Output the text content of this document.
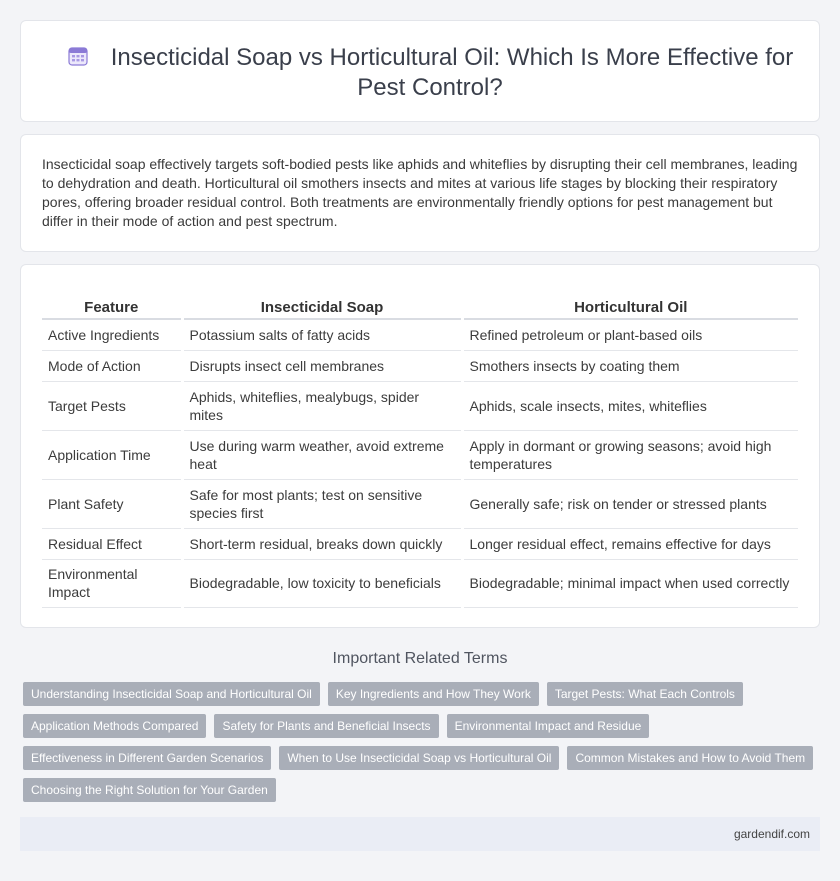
Insecticidal Soap vs Horticultural Oil: Which Is More Effective for Pest Control?

Insecticidal soap effectively targets soft-bodied pests like aphids and whiteflies by disrupting their cell membranes, leading to dehydration and death. Horticultural oil smothers insects and mites at various life stages by blocking their respiratory pores, offering broader residual control. Both treatments are environmentally friendly options for pest management but differ in their mode of action and pest spectrum.

Feature	Insecticidal Soap	Horticultural Oil
Active Ingredients	Potassium salts of fatty acids	Refined petroleum or plant-based oils
Mode of Action	Disrupts insect cell membranes	Smothers insects by coating them
Target Pests	Aphids, whiteflies, mealybugs, spider mites	Aphids, scale insects, mites, whiteflies
Application Time	Use during warm weather, avoid extreme heat	Apply in dormant or growing seasons; avoid high temperatures
Plant Safety	Safe for most plants; test on sensitive species first	Generally safe; risk on tender or stressed plants
Residual Effect	Short-term residual, breaks down quickly	Longer residual effect, remains effective for days
Environmental Impact	Biodegradable, low toxicity to beneficials	Biodegradable; minimal impact when used correctly
Important Related Terms
Understanding Insecticidal Soap and Horticultural Oil	Key Ingredients and How They Work	Target Pests: What Each Controls
Application Methods Compared	Safety for Plants and Beneficial Insects	Environmental Impact and Residue
Effectiveness in Different Garden Scenarios	When to Use Insecticidal Soap vs Horticultural Oil	Common Mistakes and How to Avoid Them
Choosing the Right Solution for Your Garden
gardendif.com
